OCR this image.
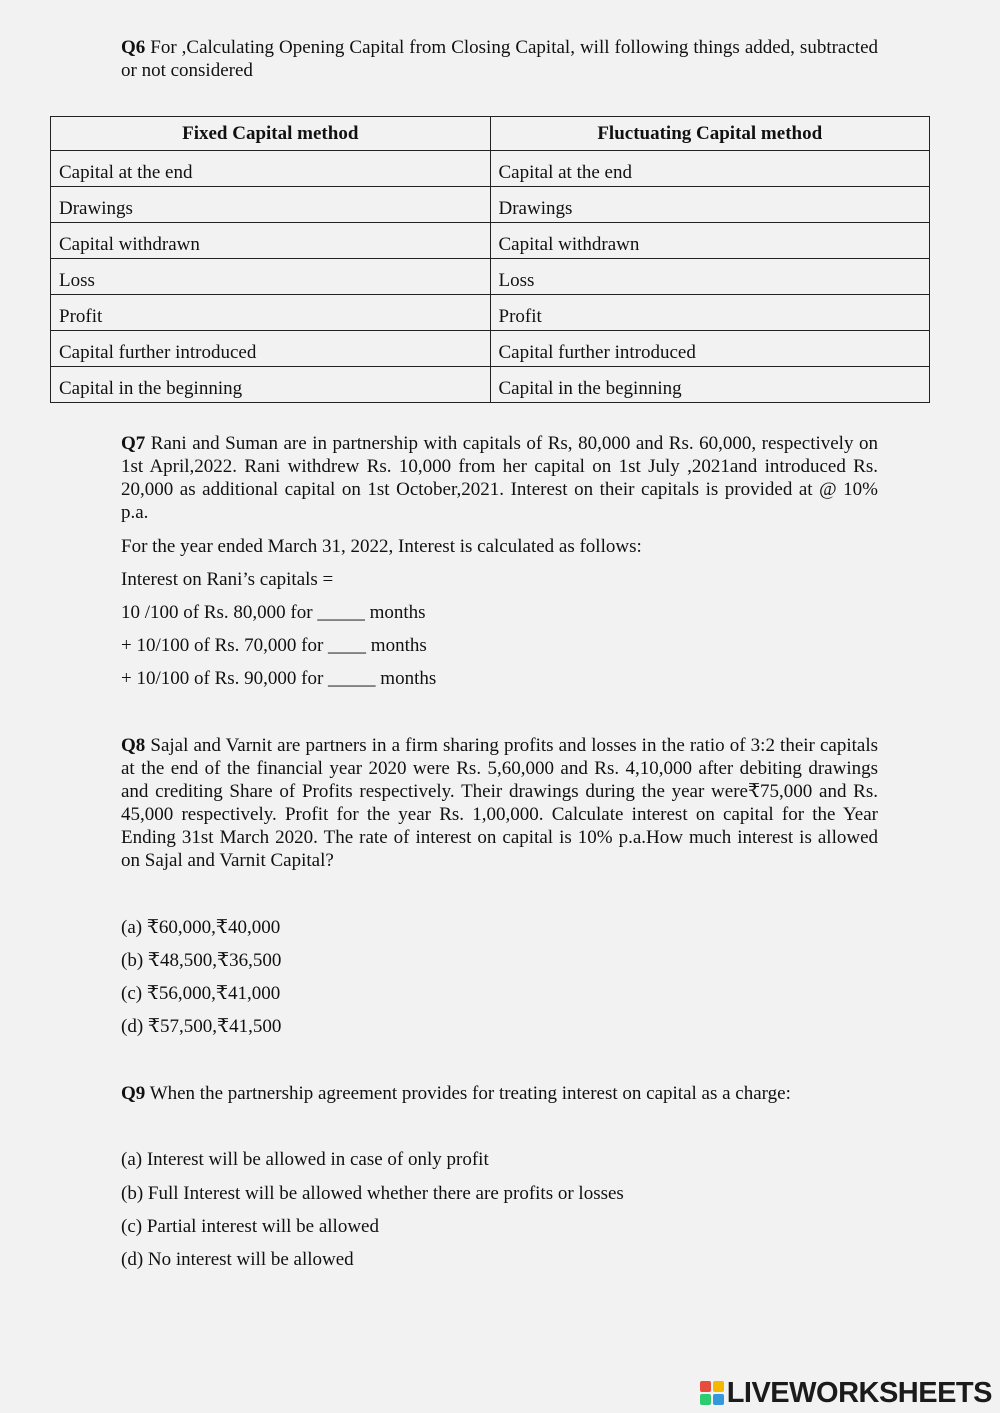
Q6 For ,Calculating Opening Capital from Closing Capital, will following things added, subtracted or not considered

Fixed Capital method	Fluctuating Capital method
Capital at the end	Capital at the end
Drawings	Drawings
Capital withdrawn	Capital withdrawn
Loss	Loss
Profit	Profit
Capital further introduced	Capital further introduced
Capital in the beginning	Capital in the beginning

Q7 Rani and Suman are in partnership with capitals of Rs, 80,000 and Rs. 60,000, respectively on 1st April,2022. Rani withdrew Rs. 10,000 from her capital on 1st July ,2021and introduced Rs. 20,000 as additional capital on 1st October,2021. Interest on their capitals is provided at @ 10% p.a.

For the year ended March 31, 2022, Interest is calculated as follows:

Interest on Rani’s capitals =

10 /100 of Rs. 80,000 for _____ months

+ 10/100 of Rs. 70,000 for ____ months

+ 10/100 of Rs. 90,000 for _____ months

Q8 Sajal and Varnit are partners in a firm sharing profits and losses in the ratio of 3:2 their capitals at the end of the financial year 2020 were Rs. 5,60,000 and Rs. 4,10,000 after debiting drawings and crediting Share of Profits respectively. Their drawings during the year were₹75,000 and Rs. 45,000 respectively. Profit for the year Rs. 1,00,000. Calculate interest on capital for the Year Ending 31st March 2020. The rate of interest on capital is 10% p.a.How much interest is allowed on Sajal and Varnit Capital?

(a) ₹60,000,₹40,000

(b) ₹48,500,₹36,500

(c) ₹56,000,₹41,000

(d) ₹57,500,₹41,500

Q9 When the partnership agreement provides for treating interest on capital as a charge:

(a) Interest will be allowed in case of only profit

(b) Full Interest will be allowed whether there are profits or losses

(c) Partial interest will be allowed

(d) No interest will be allowed

LIVEWORKSHEETS
